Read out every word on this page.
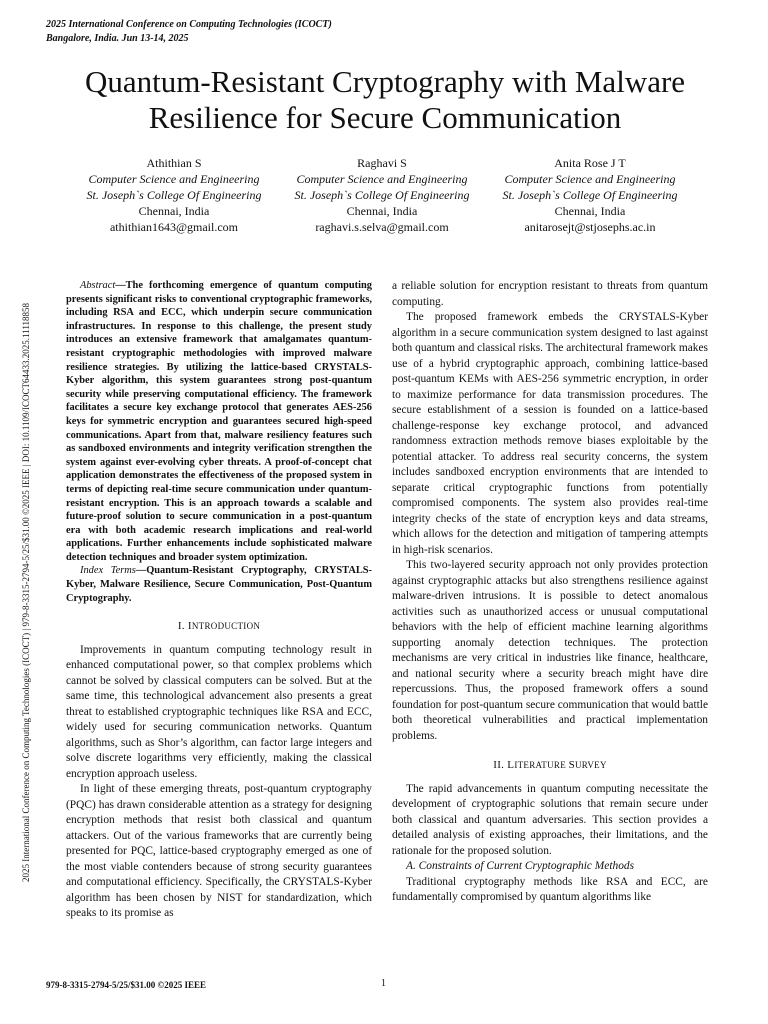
2025 International Conference on Computing Technologies (ICOCT)
Bangalore, India. Jun 13-14, 2025
2025 International Conference on Computing Technologies (ICOCT) | 979-8-3315-2794-5/25/$31.00 ©2025 IEEE | DOI: 10.1109/ICOCT64433.2025.11118858
Quantum-Resistant Cryptography with Malware Resilience for Secure Communication
Athithian S
Computer Science and Engineering
St. Joseph`s College Of Engineering
Chennai, India
athithian1643@gmail.com
Raghavi S
Computer Science and Engineering
St. Joseph`s College Of Engineering
Chennai, India
raghavi.s.selva@gmail.com
Anita Rose J T
Computer Science and Engineering
St. Joseph`s College Of Engineering
Chennai, India
anitarosejt@stjosephs.ac.in

Abstract—The forthcoming emergence of quantum computing presents significant risks to conventional cryptographic frameworks, including RSA and ECC, which underpin secure communication infrastructures. In response to this challenge, the present study introduces an extensive framework that amalgamates quantum-resistant cryptographic methodologies with improved malware resilience strategies. By utilizing the lattice-based CRYSTALS-Kyber algorithm, this system guarantees strong post-quantum security while preserving computational efficiency. The framework facilitates a secure key exchange protocol that generates AES-256 keys for symmetric encryption and guarantees secured high-speed communications. Apart from that, malware resiliency features such as sandboxed environments and integrity verification strengthen the system against ever-evolving cyber threats. A proof-of-concept chat application demonstrates the effectiveness of the proposed system in terms of depicting real-time secure communication under quantum-resistant encryption. This is an approach towards a scalable and future-proof solution to secure communication in a post-quantum era with both academic research implications and real-world applications. Further enhancements include sophisticated malware detection techniques and broader system optimization.

Index Terms—Quantum-Resistant Cryptography, CRYSTALS-Kyber, Malware Resilience, Secure Communication, Post-Quantum Cryptography.

I. INTRODUCTION

Improvements in quantum computing technology result in enhanced computational power, so that complex problems which cannot be solved by classical computers can be solved. But at the same time, this technological advancement also presents a great threat to established cryptographic techniques like RSA and ECC, widely used for securing communication networks. Quantum algorithms, such as Shor’s algorithm, can factor large integers and solve discrete logarithms very efficiently, making the classical encryption approach useless.

In light of these emerging threats, post-quantum cryptography (PQC) has drawn considerable attention as a strategy for designing encryption methods that resist both classical and quantum attackers. Out of the various frameworks that are currently being presented for PQC, lattice-based cryptography emerged as one of the most viable contenders because of strong security guarantees and computational efficiency. Specifically, the CRYSTALS-Kyber algorithm has been chosen by NIST for standardization, which speaks to its promise as

a reliable solution for encryption resistant to threats from quantum computing.

The proposed framework embeds the CRYSTALS-Kyber algorithm in a secure communication system designed to last against both quantum and classical risks. The architectural framework makes use of a hybrid cryptographic approach, combining lattice-based post-quantum KEMs with AES-256 symmetric encryption, in order to maximize performance for data transmission procedures. The secure establishment of a session is founded on a lattice-based challenge-response key exchange protocol, and advanced randomness extraction methods remove biases exploitable by the potential attacker. To address real security concerns, the system includes sandboxed encryption environments that are intended to separate critical cryptographic functions from potentially compromised components. The system also provides real-time integrity checks of the state of encryption keys and data streams, which allows for the detection and mitigation of tampering attempts in high-risk scenarios.

This two-layered security approach not only provides protection against cryptographic attacks but also strengthens resilience against malware-driven intrusions. It is possible to detect anomalous activities such as unauthorized access or unusual computational behaviors with the help of efficient machine learning algorithms supporting anomaly detection techniques. The protection mechanisms are very critical in industries like finance, healthcare, and national security where a security breach might have dire repercussions. Thus, the proposed framework offers a sound foundation for post-quantum secure communication that would battle both theoretical vulnerabilities and practical implementation problems.

II. LITERATURE SURVEY

The rapid advancements in quantum computing necessitate the development of cryptographic solutions that remain secure under both classical and quantum adversaries. This section provides a detailed analysis of existing approaches, their limitations, and the rationale for the proposed solution.

A. Constraints of Current Cryptographic Methods

Traditional cryptography methods like RSA and ECC, are fundamentally compromised by quantum algorithms like

979-8-3315-2794-5/25/$31.00 ©2025 IEEE	1
